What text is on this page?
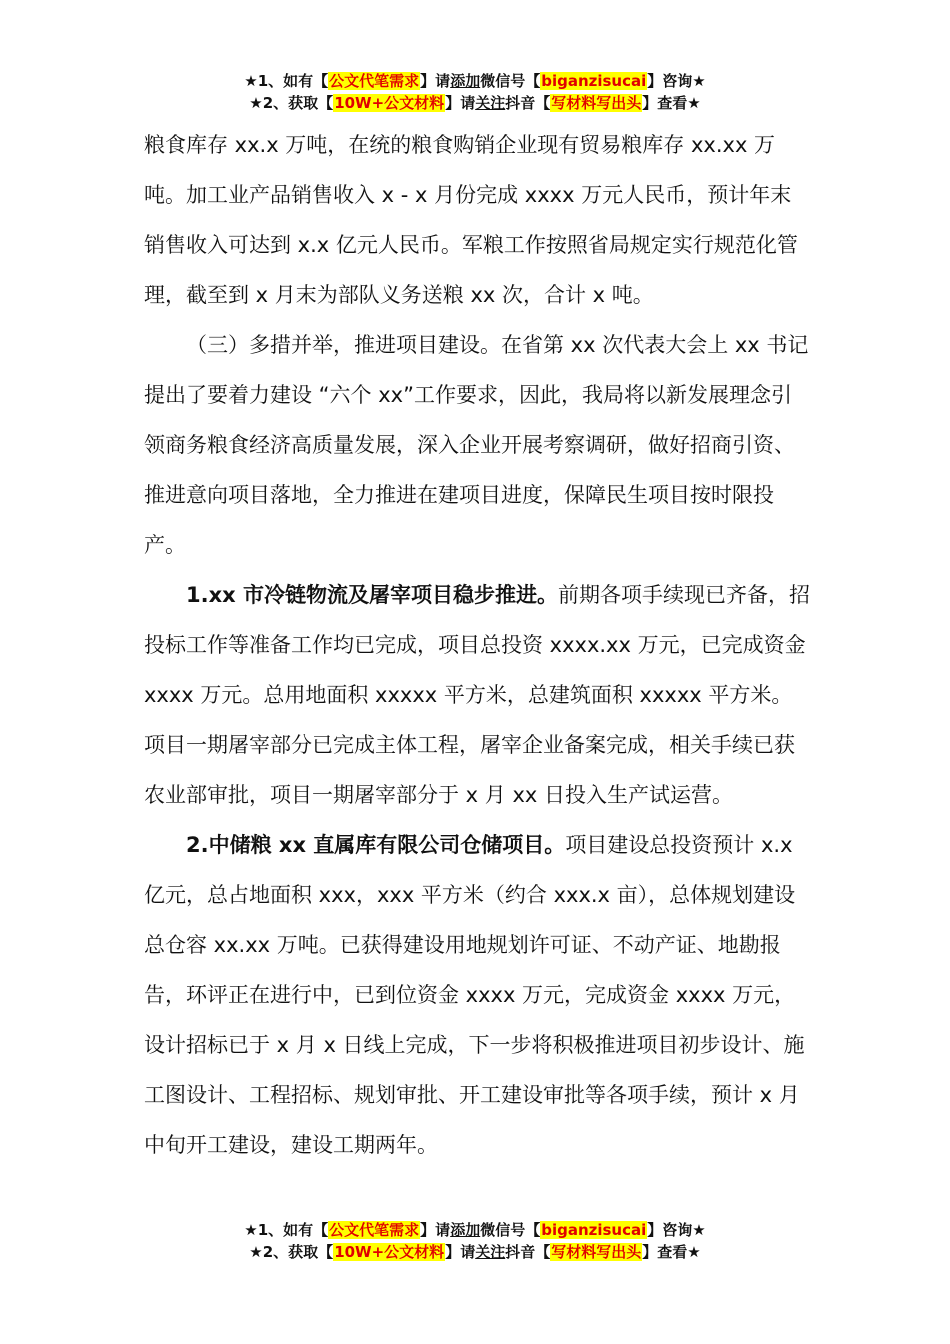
★1、如有【公文代笔需求】请添加微信号【biganzisucai】咨询★
★2、获取【10W+公文材料】请关注抖音【写材料写出头】查看★

粮食库存 xx.x 万吨，在统的粮食购销企业现有贸易粮库存 xx.xx 万吨。加工业产品销售收入 x - x 月份完成 xxxx 万元人民币，预计年末销售收入可达到 x.x 亿元人民币。军粮工作按照省局规定实行规范化管理，截至到 x 月末为部队义务送粮 xx 次，合计 x 吨。

（三）多措并举，推进项目建设。在省第 xx 次代表大会上 xx 书记提出了要着力建设 “六个 xx”工作要求，因此，我局将以新发展理念引领商务粮食经济高质量发展，深入企业开展考察调研，做好招商引资、推进意向项目落地，全力推进在建项目进度，保障民生项目按时限投产。

1.xx 市冷链物流及屠宰项目稳步推进。前期各项手续现已齐备，招投标工作等准备工作均已完成，项目总投资 xxxx.xx 万元，已完成资金 xxxx 万元。总用地面积 xxxxx 平方米，总建筑面积 xxxxx 平方米。项目一期屠宰部分已完成主体工程，屠宰企业备案完成，相关手续已获农业部审批，项目一期屠宰部分于 x 月 xx 日投入生产试运营。

2.中储粮 xx 直属库有限公司仓储项目。项目建设总投资预计 x.x 亿元，总占地面积 xxx，xxx 平方米（约合 xxx.x 亩），总体规划建设总仓容 xx.xx 万吨。已获得建设用地规划许可证、不动产证、地勘报告，环评正在进行中，已到位资金 xxxx 万元，完成资金 xxxx 万元，设计招标已于 x 月 x 日线上完成，下一步将积极推进项目初步设计、施工图设计、工程招标、规划审批、开工建设审批等各项手续，预计 x 月中旬开工建设，建设工期两年。

★1、如有【公文代笔需求】请添加微信号【biganzisucai】咨询★
★2、获取【10W+公文材料】请关注抖音【写材料写出头】查看★
